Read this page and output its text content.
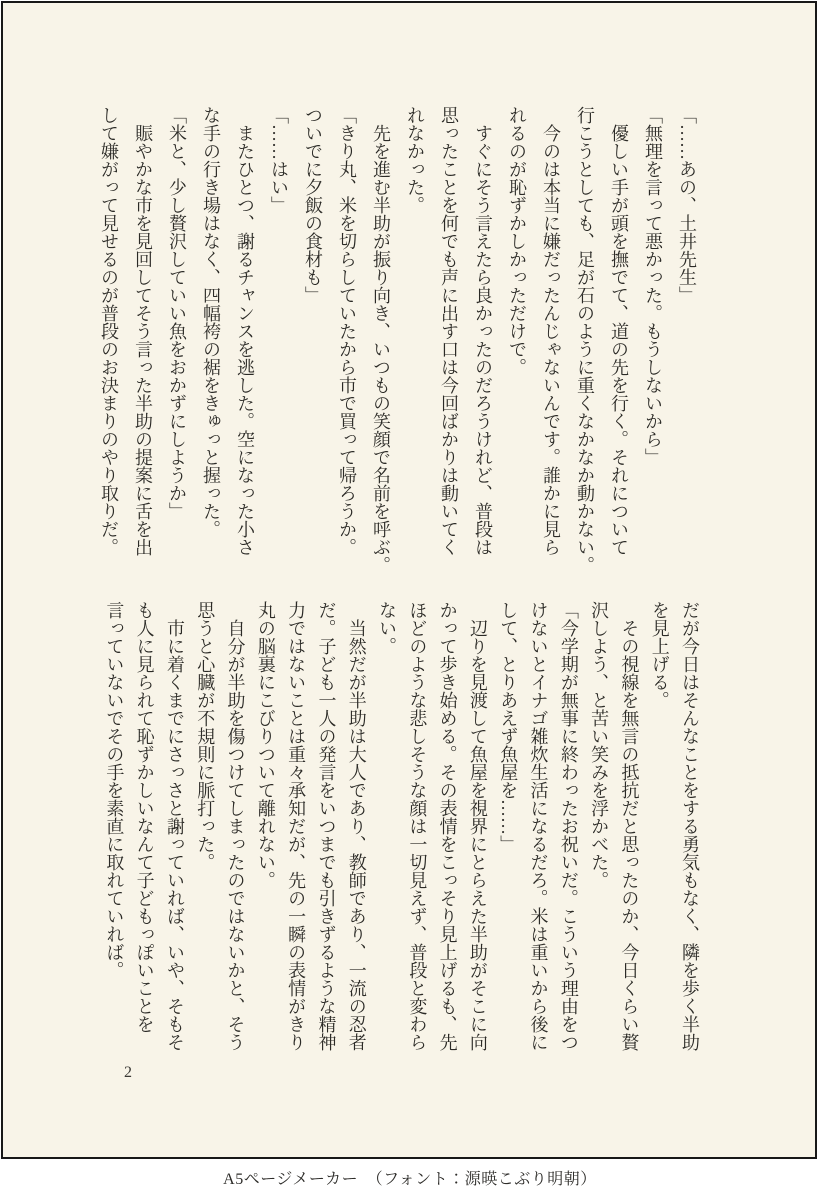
「……あの、土井先生」

「無理を言って悪かった。もうしないから」

　優しい手が頭を撫でて、道の先を行く。それについて

行こうとしても、足が石のように重くなかなか動かない。

　今のは本当に嫌だったんじゃないんです。誰かに見ら

れるのが恥ずかしかっただけで。

　すぐにそう言えたら良かったのだろうけれど、普段は

思ったことを何でも声に出す口は今回ばかりは動いてく

れなかった。

　先を進む半助が振り向き、いつもの笑顔で名前を呼ぶ。

「きり丸、米を切らしていたから市で買って帰ろうか。

ついでに夕飯の食材も」

「……はい」

　またひとつ、謝るチャンスを逃した。空になった小さ

な手の行き場はなく、四幅袴の裾をきゅっと握った。

「米と、少し贅沢していい魚をおかずにしようか」

　賑やかな市を見回してそう言った半助の提案に舌を出

して嫌がって見せるのが普段のお決まりのやり取りだ。

だが今日はそんなことをする勇気もなく、隣を歩く半助

を見上げる。

　その視線を無言の抵抗だと思ったのか、今日くらい贅

沢しよう、と苦い笑みを浮かべた。

「今学期が無事に終わったお祝いだ。こういう理由をつ

けないとイナゴ雑炊生活になるだろ。米は重いから後に

して、とりあえず魚屋を……」

　辺りを見渡して魚屋を視界にとらえた半助がそこに向

かって歩き始める。その表情をこっそり見上げるも、先

ほどのような悲しそうな顔は一切見えず、普段と変わら

ない。

　当然だが半助は大人であり、教師であり、一流の忍者

だ。子ども一人の発言をいつまでも引きずるような精神

力ではないことは重々承知だが、先の一瞬の表情がきり

丸の脳裏にこびりついて離れない。

　自分が半助を傷つけてしまったのではないかと、そう

思うと心臓が不規則に脈打った。

　市に着くまでにさっさと謝っていれば、いや、そもそ

も人に見られて恥ずかしいなんて子どもっぽいことを

言っていないでその手を素直に取れていれば。

2
A5ページメーカー　（フォント：源暎こぶり明朝）
